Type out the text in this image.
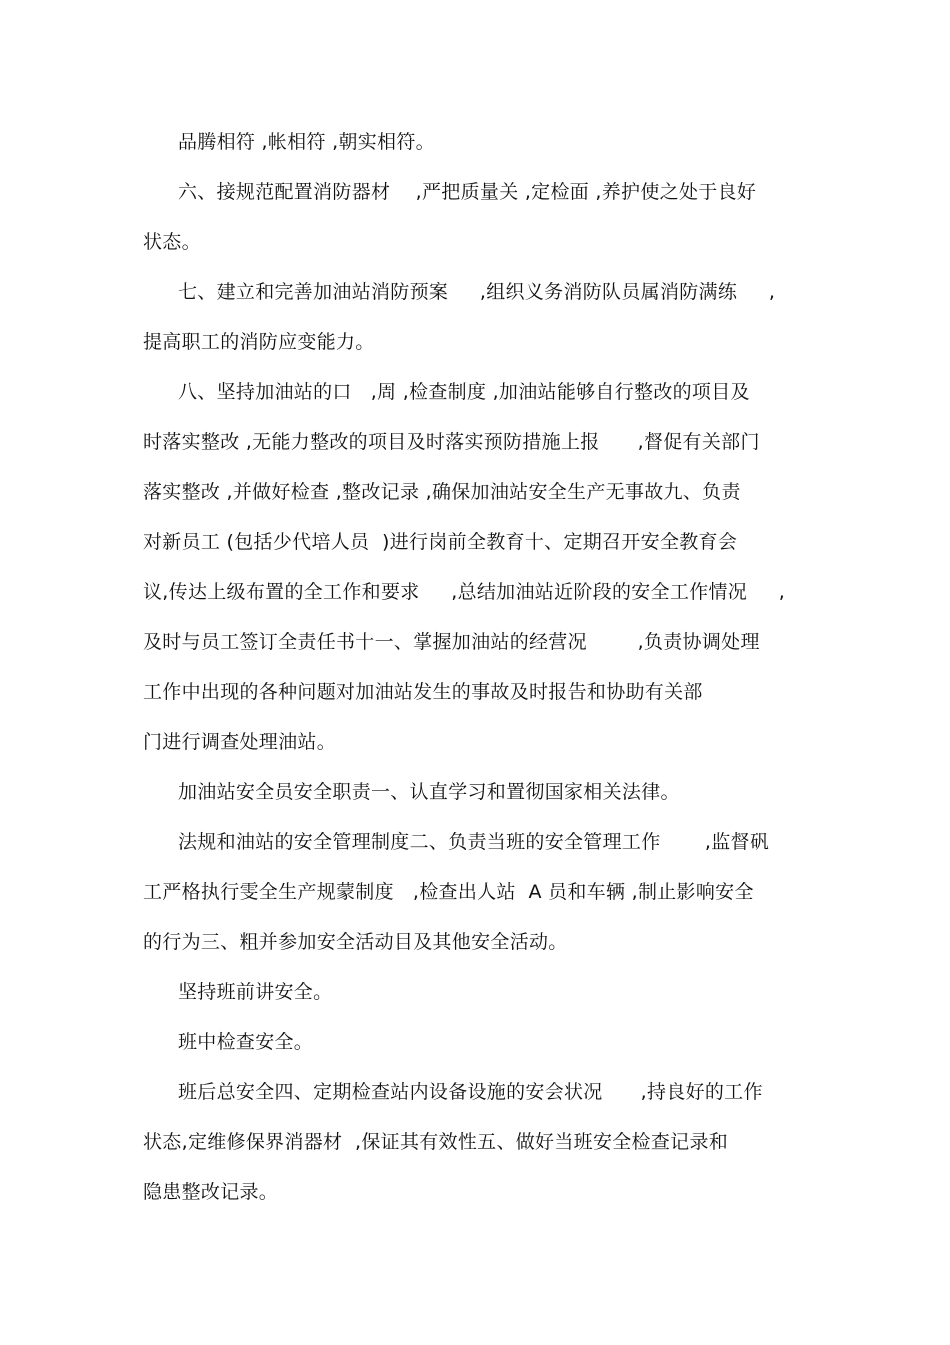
品腾相符 ,帐相符 ,朝实相符。
六、接规范配置消防器材    ,严把质量关 ,定检面 ,养护使之处于良好
状态。
七、建立和完善加油站消防预案     ,组织义务消防队员属消防满练     ,
提高职工的消防应变能力。
八、坚持加油站的口   ,周 ,检查制度 ,加油站能够自行整改的项目及
时落实整改 ,无能力整改的项目及时落实预防措施上报      ,督促有关部门
落实整改 ,并做好检查 ,整改记录 ,确保加油站安全生产无事故九、负责
对新员工 (包括少代培人员  )进行岗前全教育十、定期召开安全教育会
议,传达上级布置的全工作和要求     ,总结加油站近阶段的安全工作情况     ,
及时与员工签订全责任书十一、掌握加油站的经营况        ,负责协调处理
工作中出现的各种问题对加油站发生的事故及时报告和协助有关部
门进行调查处理油站。
加油站安全员安全职责一、认直学习和置彻国家相关法律。
法规和油站的安全管理制度二、负责当班的安全管理工作       ,监督矾
工严格执行雯全生产规蒙制度   ,检查出人站  A 员和车辆 ,制止影响安全
的行为三、粗并参加安全活动目及其他安全活动。
坚持班前讲安全。
班中检查安全。
班后总安全四、定期检查站内设备设施的安会状况      ,持良好的工作
状态,定维修保界消器材  ,保证其有效性五、做好当班安全检查记录和
隐患整改记录。
